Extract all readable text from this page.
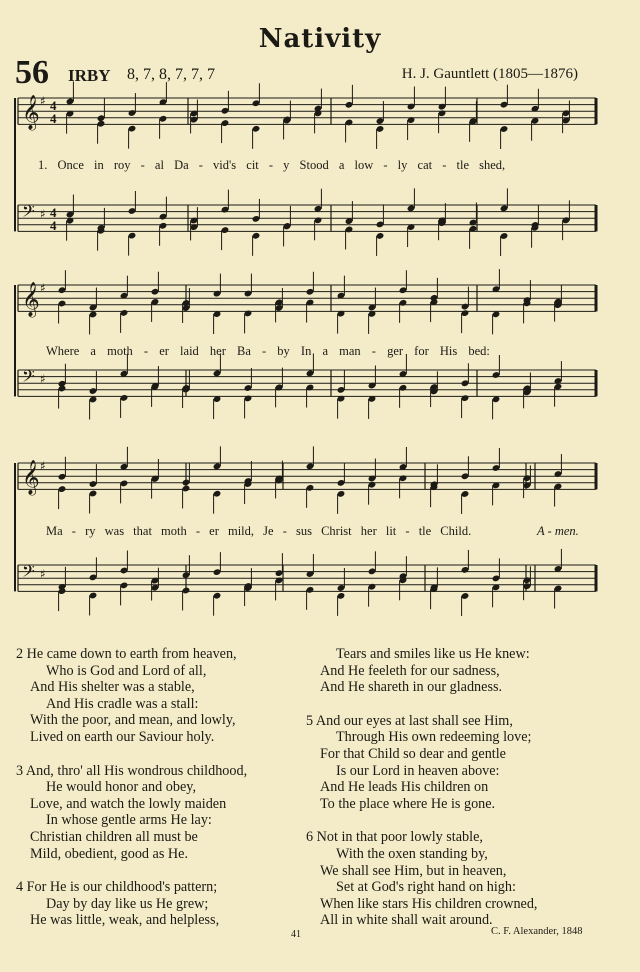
Nativity
56 IRBY 8, 7, 8, 7, 7, 7	H. J. Gauntlett (1805—1876)
𝄞 ♯ 4
4
𝄢 ♯ 4
4
𝄞 ♯
𝄢 ♯
𝄞 ♯
𝄢 ♯
1. Once in roy - al Da - vid's cit - y Stood a low - ly cat - tle shed,
Where a moth - er laid her Ba - by In a man - ger for His bed:
Ma - ry was that moth - er mild, Je - sus Christ her lit - tle Child.	A - men.
2 He came down to earth from heaven,
Who is God and Lord of all,
And His shelter was a stable,
And His cradle was a stall:
With the poor, and mean, and lowly,
Lived on earth our Saviour holy.
3 And, thro' all His wondrous childhood,
He would honor and obey,
Love, and watch the lowly maiden
In whose gentle arms He lay:
Christian children all must be
Mild, obedient, good as He.
4 For He is our childhood's pattern;
Day by day like us He grew;
He was little, weak, and helpless,
Tears and smiles like us He knew:
And He feeleth for our sadness,
And He shareth in our gladness.
5 And our eyes at last shall see Him,
Through His own redeeming love;
For that Child so dear and gentle
Is our Lord in heaven above:
And He leads His children on
To the place where He is gone.
6 Not in that poor lowly stable,
With the oxen standing by,
We shall see Him, but in heaven,
Set at God's right hand on high:
When like stars His children crowned,
All in white shall wait around.
41	C. F. Alexander, 1848
